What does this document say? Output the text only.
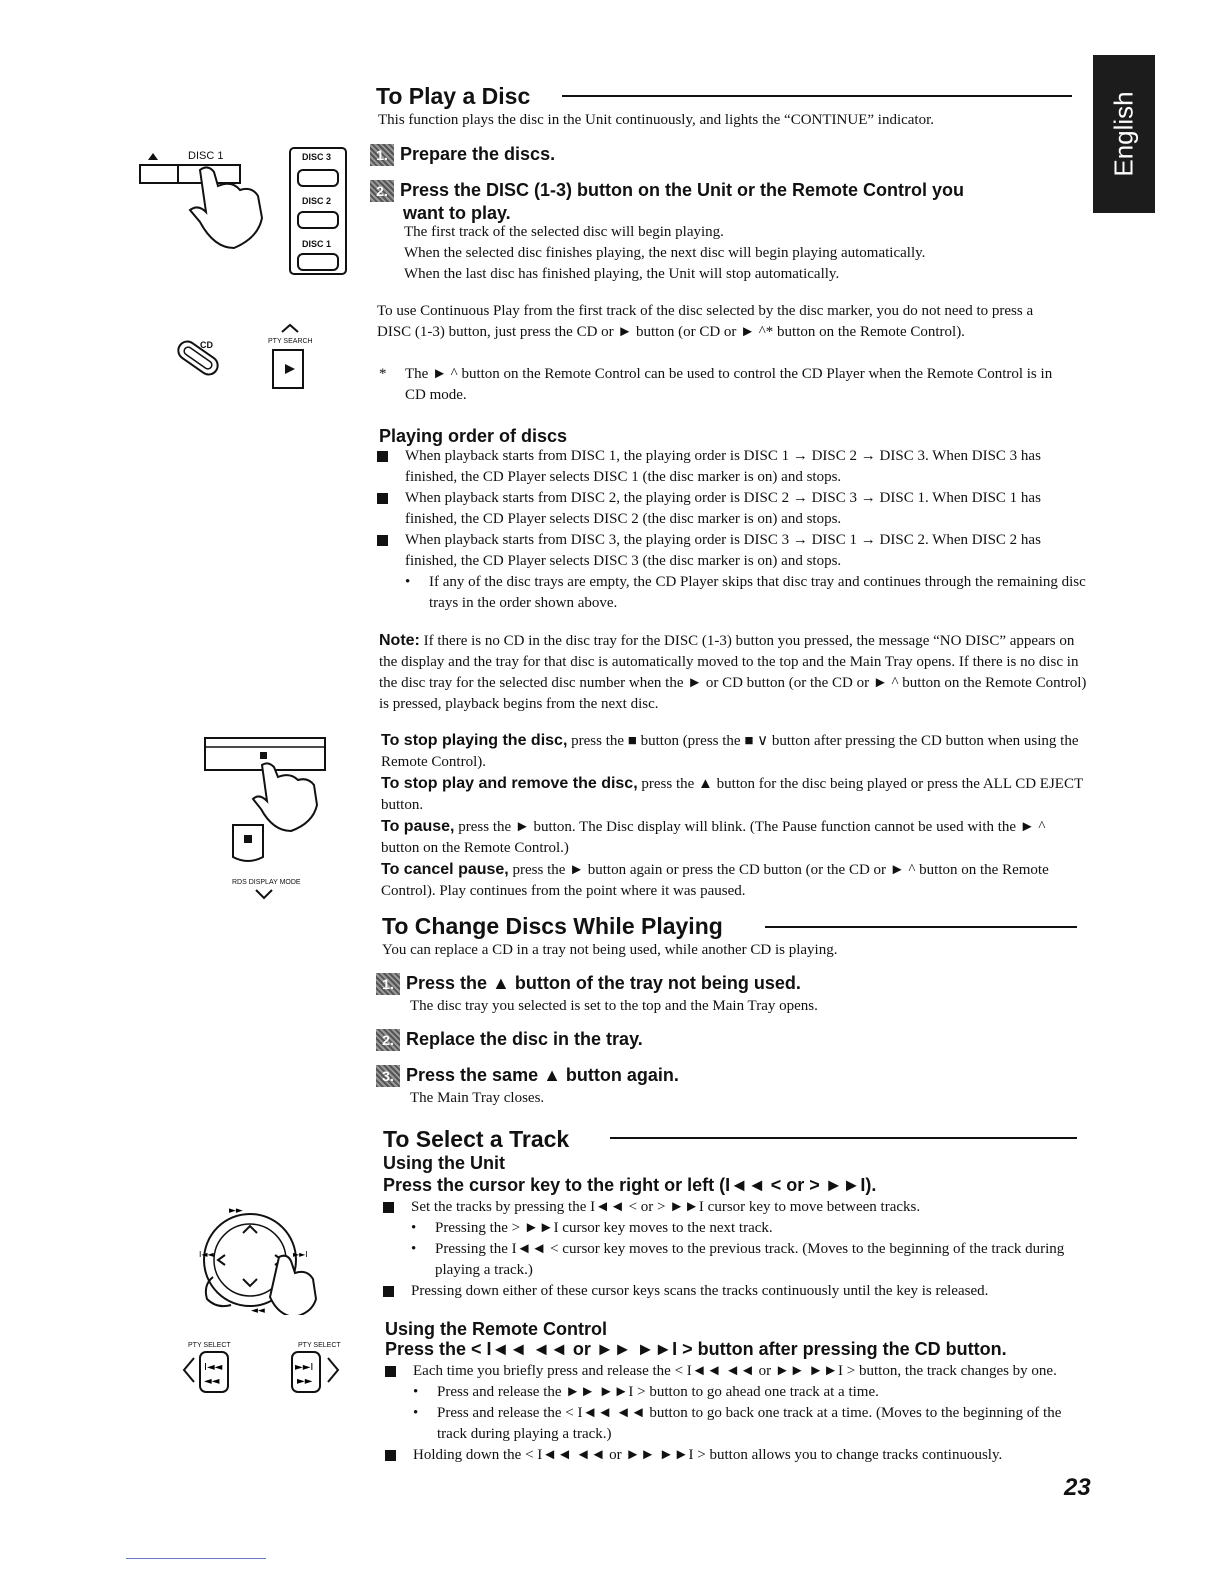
English
DISC 1	DISC 3
DISC 2
DISC 1
CD	PTY SEARCH
RDS DISPLAY MODE
►►
I◄◄	►►I
◄◄
I◄◄
◄◄
►►I
►►
PTY SELECT	PTY SELECT
To Play a Disc
This function plays the disc in the Unit continuously, and lights the “CONTINUE” indicator.
1. Prepare the discs.
2. Press the DISC (1-3) button on the Unit or the Remote Control you
want to play.
The first track of the selected disc will begin playing.
When the selected disc finishes playing, the next disc will begin playing automatically.
When the last disc has finished playing, the Unit will stop automatically.
To use Continuous Play from the first track of the disc selected by the disc marker, you do not need to press a DISC (1-3) button, just press the CD or ► button (or CD or ► ^* button on the Remote Control).
* The ► ^ button on the Remote Control can be used to control the CD Player when the Remote Control is in CD mode.
Playing order of discs
When playback starts from DISC 1, the playing order is DISC 1 → DISC 2 → DISC 3. When DISC 3 has finished, the CD Player selects DISC 1 (the disc marker is on) and stops.
When playback starts from DISC 2, the playing order is DISC 2 → DISC 3 → DISC 1. When DISC 1 has finished, the CD Player selects DISC 2 (the disc marker is on) and stops.
When playback starts from DISC 3, the playing order is DISC 3 → DISC 1 → DISC 2. When DISC 2 has finished, the CD Player selects DISC 3 (the disc marker is on) and stops.
• If any of the disc trays are empty, the CD Player skips that disc tray and continues through the remaining disc trays in the order shown above.
Note: If there is no CD in the disc tray for the DISC (1-3) button you pressed, the message “NO DISC” appears on the display and the tray for that disc is automatically moved to the top and the Main Tray opens. If there is no disc in the disc tray for the selected disc number when the ► or CD button (or the CD or ► ^ button on the Remote Control) is pressed, playback begins from the next disc.
To stop playing the disc, press the ■ button (press the ■ ∨ button after pressing the CD button when using the Remote Control).
To stop play and remove the disc, press the ▲ button for the disc being played or press the ALL CD EJECT button.
To pause, press the ► button. The Disc display will blink. (The Pause function cannot be used with the ► ^ button on the Remote Control.)
To cancel pause, press the ► button again or press the CD button (or the CD or ► ^ button on the Remote Control). Play continues from the point where it was paused.
To Change Discs While Playing
You can replace a CD in a tray not being used, while another CD is playing.
1. Press the ▲ button of the tray not being used.
The disc tray you selected is set to the top and the Main Tray opens.
2. Replace the disc in the tray.
3. Press the same ▲ button again.
The Main Tray closes.
To Select a Track
Using the Unit
Press the cursor key to the right or left (I◄◄ < or > ►►I).
Set the tracks by pressing the I◄◄ < or > ►►I cursor key to move between tracks.
• Pressing the > ►►I cursor key moves to the next track.
• Pressing the I◄◄ < cursor key moves to the previous track. (Moves to the beginning of the track during playing a track.)
Pressing down either of these cursor keys scans the tracks continuously until the key is released.
Using the Remote Control
Press the < I◄◄ ◄◄ or ►► ►►I > button after pressing the CD button.
Each time you briefly press and release the < I◄◄ ◄◄ or ►► ►►I > button, the track changes by one.
• Press and release the ►► ►►I > button to go ahead one track at a time.
• Press and release the < I◄◄ ◄◄ button to go back one track at a time. (Moves to the beginning of the track during playing a track.)
Holding down the < I◄◄ ◄◄ or ►► ►►I > button allows you to change tracks continuously.
23
